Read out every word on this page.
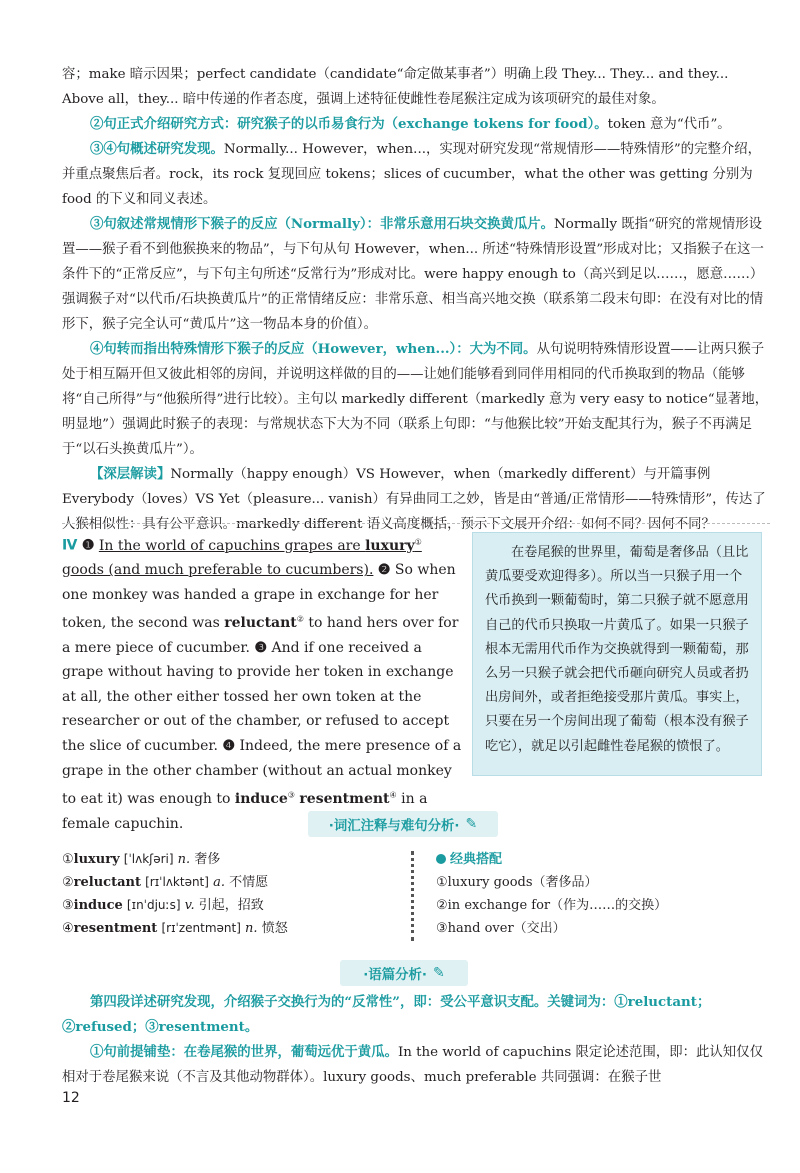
容；make 暗示因果；perfect candidate（candidate“命定做某事者”）明确上段 They... They... and they...

Above all，they... 暗中传递的作者态度，强调上述特征使雌性卷尾猴注定成为该项研究的最佳对象。

②句正式介绍研究方式：研究猴子的以币易食行为（exchange tokens for food）。token 意为“代币”。

③④句概述研究发现。Normally... However，when...，实现对研究发现“常规情形——特殊情形”的完整介绍，并重点聚焦后者。rock，its rock 复现回应 tokens；slices of cucumber，what the other was getting 分别为 food 的下义和同义表述。

③句叙述常规情形下猴子的反应（Normally）：非常乐意用石块交换黄瓜片。Normally 既指“研究的常规情形设置——猴子看不到他猴换来的物品”，与下句从句 However，when... 所述“特殊情形设置”形成对比；又指猴子在这一条件下的“正常反应”，与下句主句所述“反常行为”形成对比。were happy enough to（高兴到足以……，愿意……）强调猴子对“以代币/石块换黄瓜片”的正常情绪反应：非常乐意、相当高兴地交换（联系第二段末句即：在没有对比的情形下，猴子完全认可“黄瓜片”这一物品本身的价值）。

④句转而指出特殊情形下猴子的反应（However，when...）：大为不同。从句说明特殊情形设置——让两只猴子处于相互隔开但又彼此相邻的房间，并说明这样做的目的——让她们能够看到同伴用相同的代币换取到的物品（能够将“自己所得”与“他猴所得”进行比较）。主句以 markedly different（markedly 意为 very easy to notice“显著地，明显地”）强调此时猴子的表现：与常规状态下大为不同（联系上句即：“与他猴比较”开始支配其行为，猴子不再满足于“以石头换黄瓜片”）。

【深层解读】Normally（happy enough）VS However，when（markedly different）与开篇事例 Everybody（loves）VS Yet（pleasure... vanish）有异曲同工之妙，皆是由“普通/正常情形——特殊情形”，传达了人猴相似性：具有公平意识。markedly different 语义高度概括，预示下文展开介绍：如何不同？因何不同？

Ⅳ ❶ In the world of capuchins grapes are luxury① goods (and much preferable to cucumbers). ❷ So when one monkey was handed a grape in exchange for her token, the second was reluctant② to hand hers over for a mere piece of cucumber. ❸ And if one received a grape without having to provide her token in exchange at all, the other either tossed her own token at the researcher or out of the chamber, or refused to accept the slice of cucumber. ❹ Indeed, the mere presence of a grape in the other chamber (without an actual monkey to eat it) was enough to induce③ resentment④ in a female capuchin.
在卷尾猴的世界里，葡萄是奢侈品（且比黄瓜要受欢迎得多）。所以当一只猴子用一个代币换到一颗葡萄时，第二只猴子就不愿意用自己的代币只换取一片黄瓜了。如果一只猴子根本无需用代币作为交换就得到一颗葡萄，那么另一只猴子就会把代币砸向研究人员或者扔出房间外，或者拒绝接受那片黄瓜。事实上，只要在另一个房间出现了葡萄（根本没有猴子吃它），就足以引起雌性卷尾猴的愤恨了。
·词汇注释与难句分析· ✎
①luxury [ˈlʌkʃəri] n. 奢侈
②reluctant [rɪˈlʌktənt] a. 不情愿
③induce [ɪnˈdjuːs] v. 引起，招致
④resentment [rɪˈzentmənt] n. 愤怒
经典搭配
①luxury goods（奢侈品）
②in exchange for（作为……的交换）
③hand over（交出）
·语篇分析· ✎

第四段详述研究发现，介绍猴子交换行为的“反常性”，即：受公平意识支配。关键词为：①reluctant；②refused；③resentment。

①句前提铺垫：在卷尾猴的世界，葡萄远优于黄瓜。In the world of capuchins 限定论述范围，即：此认知仅仅相对于卷尾猴来说（不言及其他动物群体）。luxury goods、much preferable 共同强调：在猴子世

12
